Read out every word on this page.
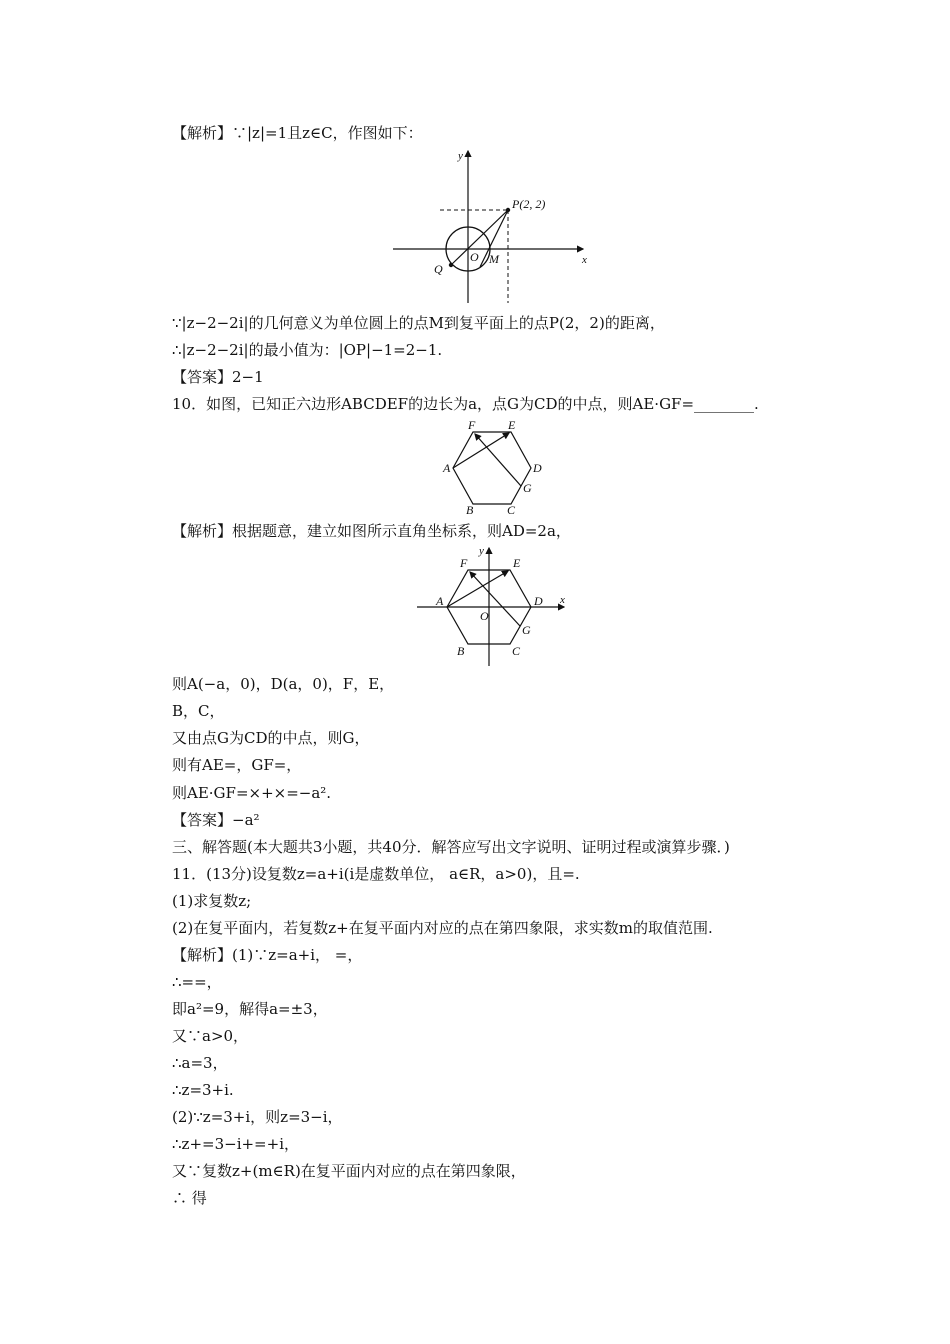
【解析】∵|z|=1且z∈C，作图如下：
y
x
P(2, 2)
O M
Q
∵|z−2−2i|的几何意义为单位圆上的点M到复平面上的点P(2，2)的距离，
∴|z−2−2i|的最小值为：|OP|−1=2−1.
【答案】2−1
10．如图，已知正六边形ABCDEF的边长为a，点G为CD的中点，则AE·GF=________.
F	E
A	D
G
B	C
【解析】根据题意，建立如图所示直角坐标系，则AD=2a，
y
x
F	E
A
O
D
G
B	C
则A(−a，0)，D(a，0)，F，E，
B，C，
又由点G为CD的中点，则G，
则有AE=，GF=，
则AE·GF=×+×=−a².
【答案】−a²
三、解答题(本大题共3小题，共40分．解答应写出文字说明、证明过程或演算步骤．)
11．(13分)设复数z=a+i(i是虚数单位， a∈R，a>0)，且=.
(1)求复数z;
(2)在复平面内，若复数z+在复平面内对应的点在第四象限，求实数m的取值范围.
【解析】(1)∵z=a+i， =，
∴==，
即a²=9，解得a=±3，
又∵a>0，
∴a=3，
∴z=3+i.
(2)∵z=3+i，则z=3−i，
∴z+=3−i+=+i，
又∵复数z+(m∈R)在复平面内对应的点在第四象限，
∴ 得
